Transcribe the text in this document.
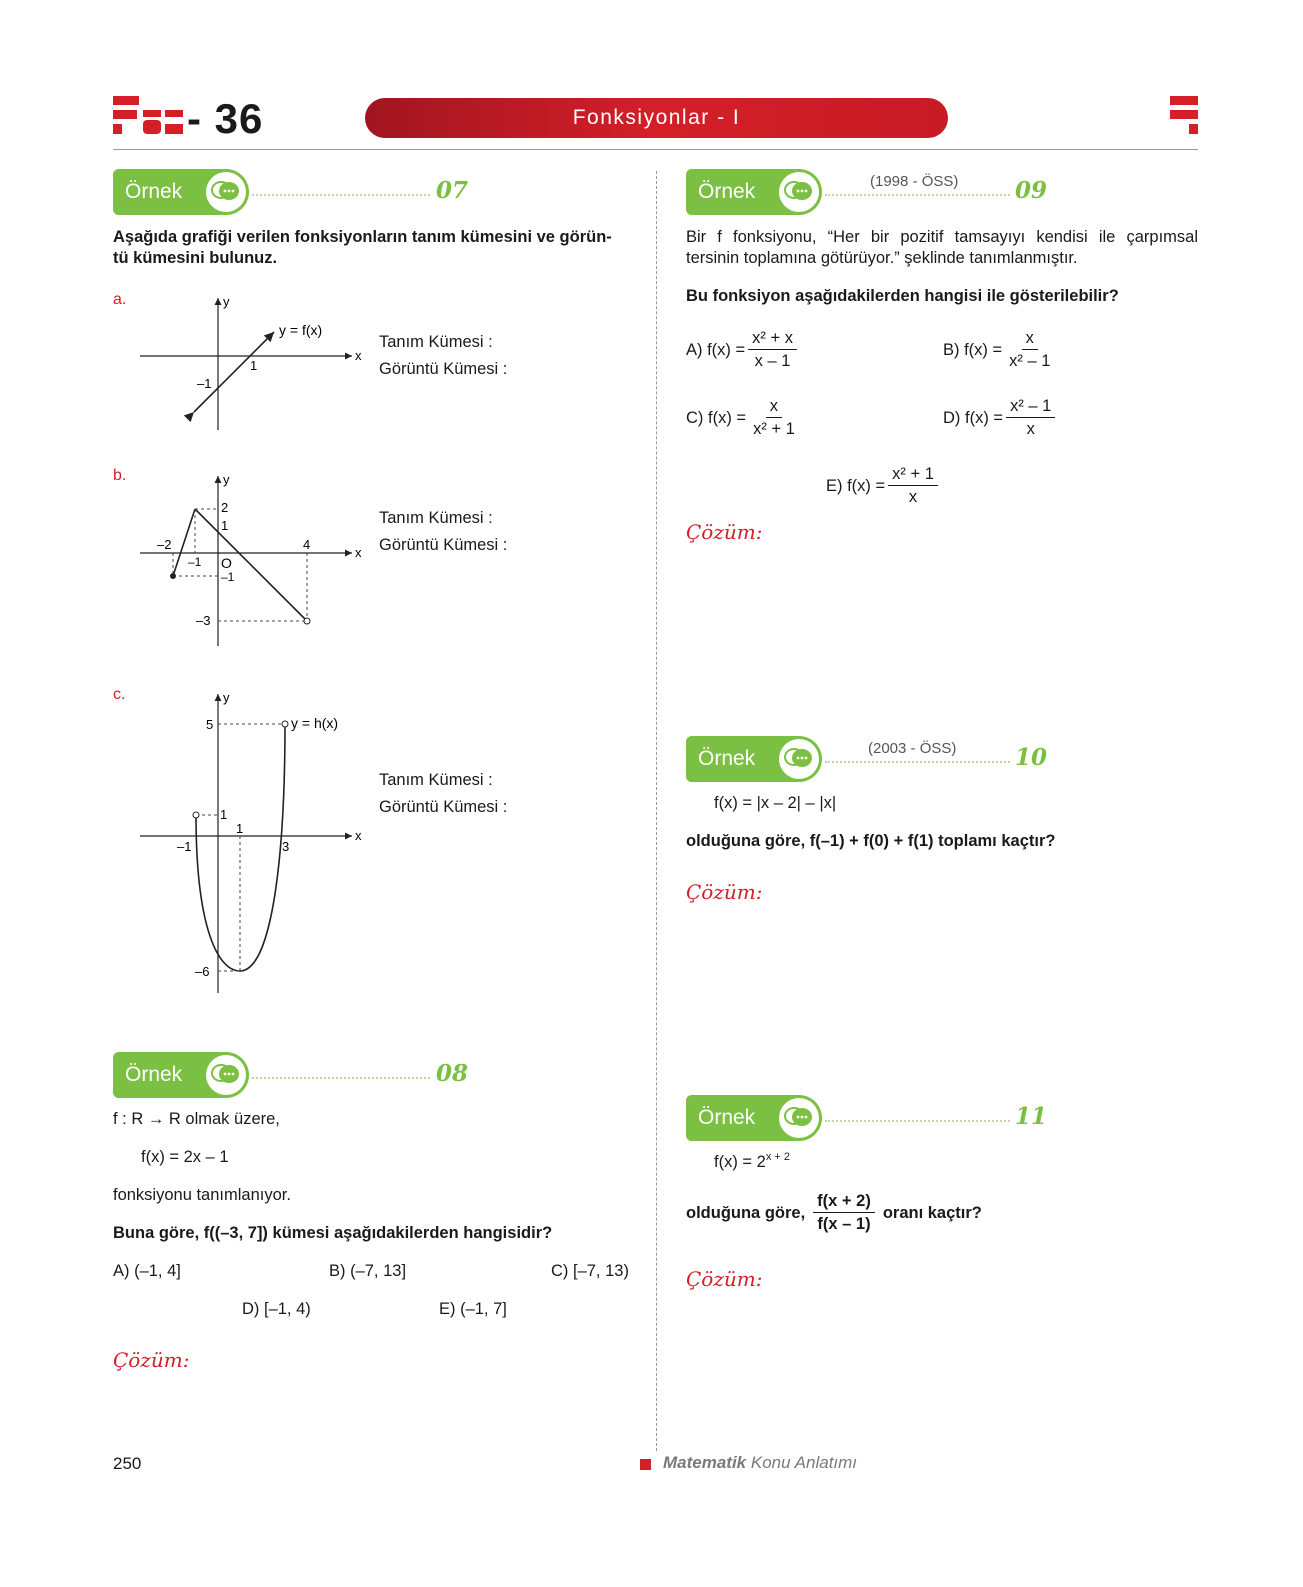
- 36	Fonksiyonlar - I
Örnek	07
Aşağıda grafiği verilen fonksiyonların tanım kümesini ve görün-
tü kümesini bulunuz.
a.
x
y
y = f(x)
1
–1
Tanım Kümesi :
Görüntü Kümesi :
b.
x
y
2
1
–2
–1 O
–1
4
–3
Tanım Kümesi :
Görüntü Kümesi :
c.
x
y
y = h(x)
5
1
1
–1	3
–6
Tanım Kümesi :
Görüntü Kümesi :
Örnek	08
f : R → R olmak üzere,
f(x) = 2x – 1
fonksiyonu tanımlanıyor.
Buna göre, f((–3, 7]) kümesi aşağıdakilerden hangisidir?
A) (–1, 4]	B) (–7, 13]	C) [–7, 13)
D) [–1, 4)	E) (–1, 7]
Çözüm:
Örnek	(1998 - ÖSS) 09
Bir f fonksiyonu, “Her bir pozitif tamsayıyı kendisi ile çarpımsal
tersinin toplamına götürüyor.” şeklinde tanımlanmıştır.
Bu fonksiyon aşağıdakilerden hangisi ile gösterilebilir?
A)
$f(x) = \frac{\text{x² + x}}{x - 1}$	B)
$f(x) = \frac{x}{\text{x² – 1}}$
C)
$f(x) = \frac{x}{\text{x² + 1}}$	D)
$f(x) = \frac{\text{x² – 1}}{x}$
E)
$f(x) = \frac{\text{x² + 1}}{x}$
Çözüm:
Örnek	(2003 - ÖSS)	10
f(x) = |x – 2| – |x|
olduğuna göre, f(–1) + f(0) + f(1) toplamı kaçtır?
Çözüm:
Örnek	11
$f(x) = 2^{x + 2}$
olduğuna göre, $\frac{f(x + 2)}{f(x - 1)}$ oranı kaçtır?
Çözüm:
250	Matematik Konu Anlatımı
